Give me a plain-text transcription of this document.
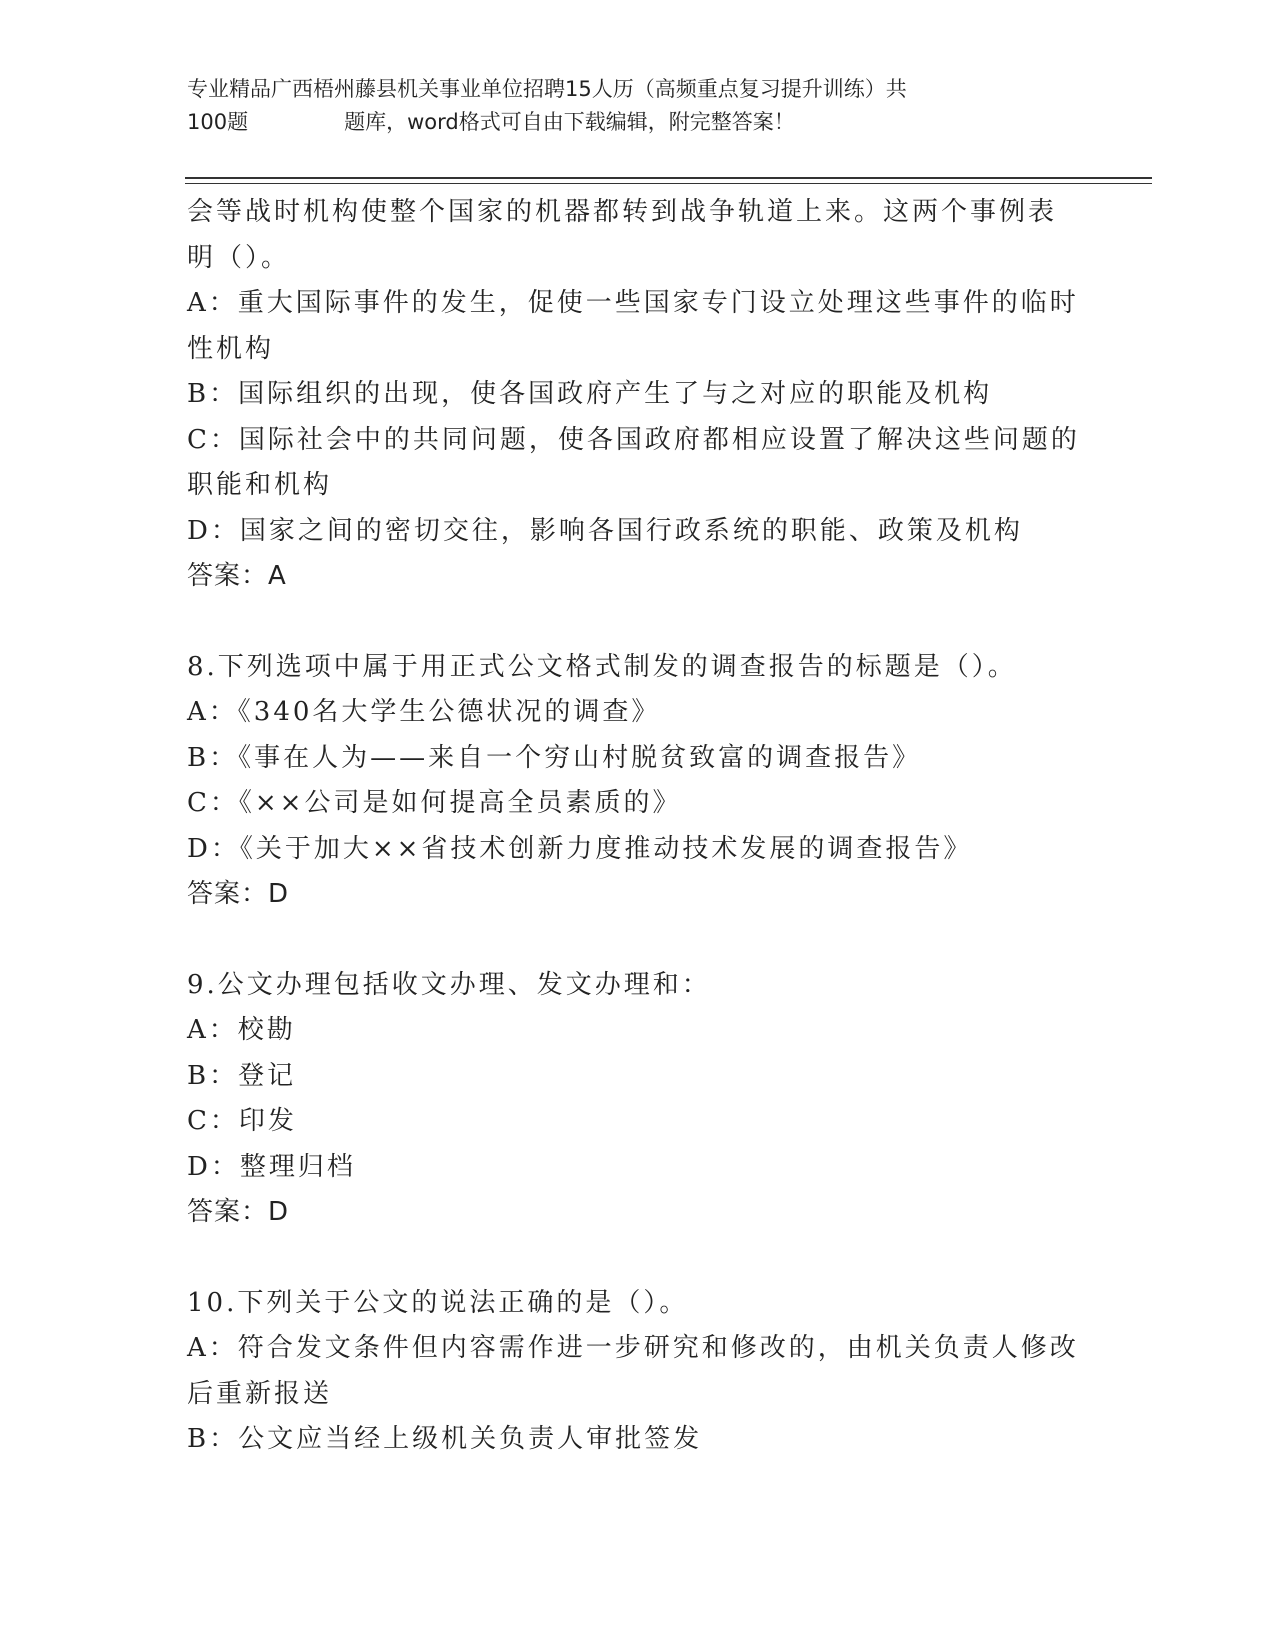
专业精品广西梧州藤县机关事业单位招聘15人历（高频重点复习提升训练）共
100题	题库，word格式可自由下载编辑，附完整答案！

会等战时机构使整个国家的机器都转到战争轨道上来。这两个事例表

明（）。

A：重大国际事件的发生，促使一些国家专门设立处理这些事件的临时

性机构

B：国际组织的出现，使各国政府产生了与之对应的职能及机构

C：国际社会中的共同问题，使各国政府都相应设置了解决这些问题的

职能和机构

D：国家之间的密切交往，影响各国行政系统的职能、政策及机构

答案：A

8.下列选项中属于用正式公文格式制发的调查报告的标题是（）。

A：《340名大学生公德状况的调查》

B：《事在人为——来自一个穷山村脱贫致富的调查报告》

C：《××公司是如何提高全员素质的》

D：《关于加大××省技术创新力度推动技术发展的调查报告》

答案：D

9.公文办理包括收文办理、发文办理和：

A：校勘

B：登记

C：印发

D：整理归档

答案：D

10.下列关于公文的说法正确的是（）。

A：符合发文条件但内容需作进一步研究和修改的，由机关负责人修改

后重新报送

B：公文应当经上级机关负责人审批签发
